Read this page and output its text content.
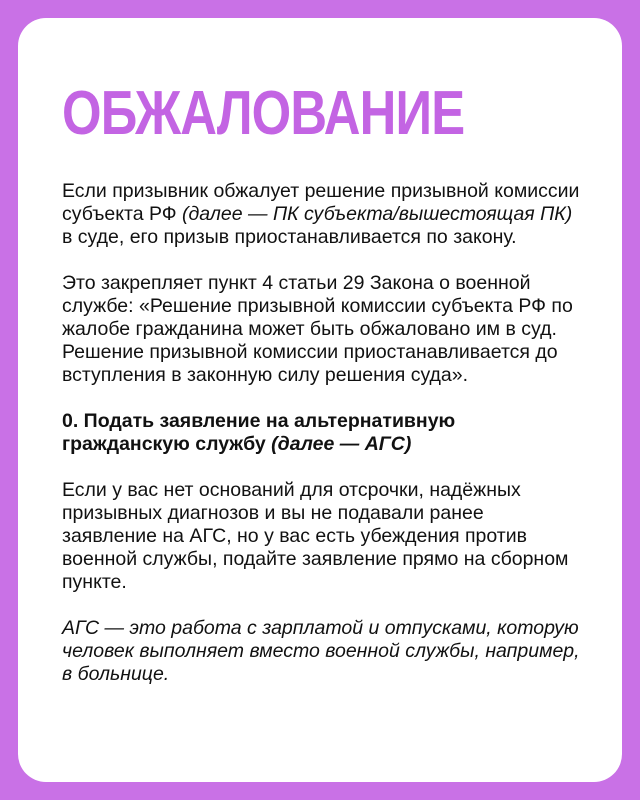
ОБЖАЛОВАНИЕ

Если призывник обжалует решение призывной комиссии субъекта РФ (далее — ПК субъекта/вышестоящая ПК) в суде, его призыв приостанавливается по закону.

Это закрепляет пункт 4 статьи 29 Закона о военной службе: «Решение призывной комиссии субъекта РФ по жалобе гражданина может быть обжаловано им в суд. Решение призывной комиссии приостанавливается до вступления в законную силу решения суда».

0. Подать заявление на альтернативную гражданскую службу (далее — АГС)

Если у вас нет оснований для отсрочки, надёжных призывных диагнозов и вы не подавали ранее заявление на АГС, но у вас есть убеждения против военной службы, подайте заявление прямо на сборном пункте.

АГС — это работа с зарплатой и отпусками, которую человек выполняет вместо военной службы, например, в больнице.
